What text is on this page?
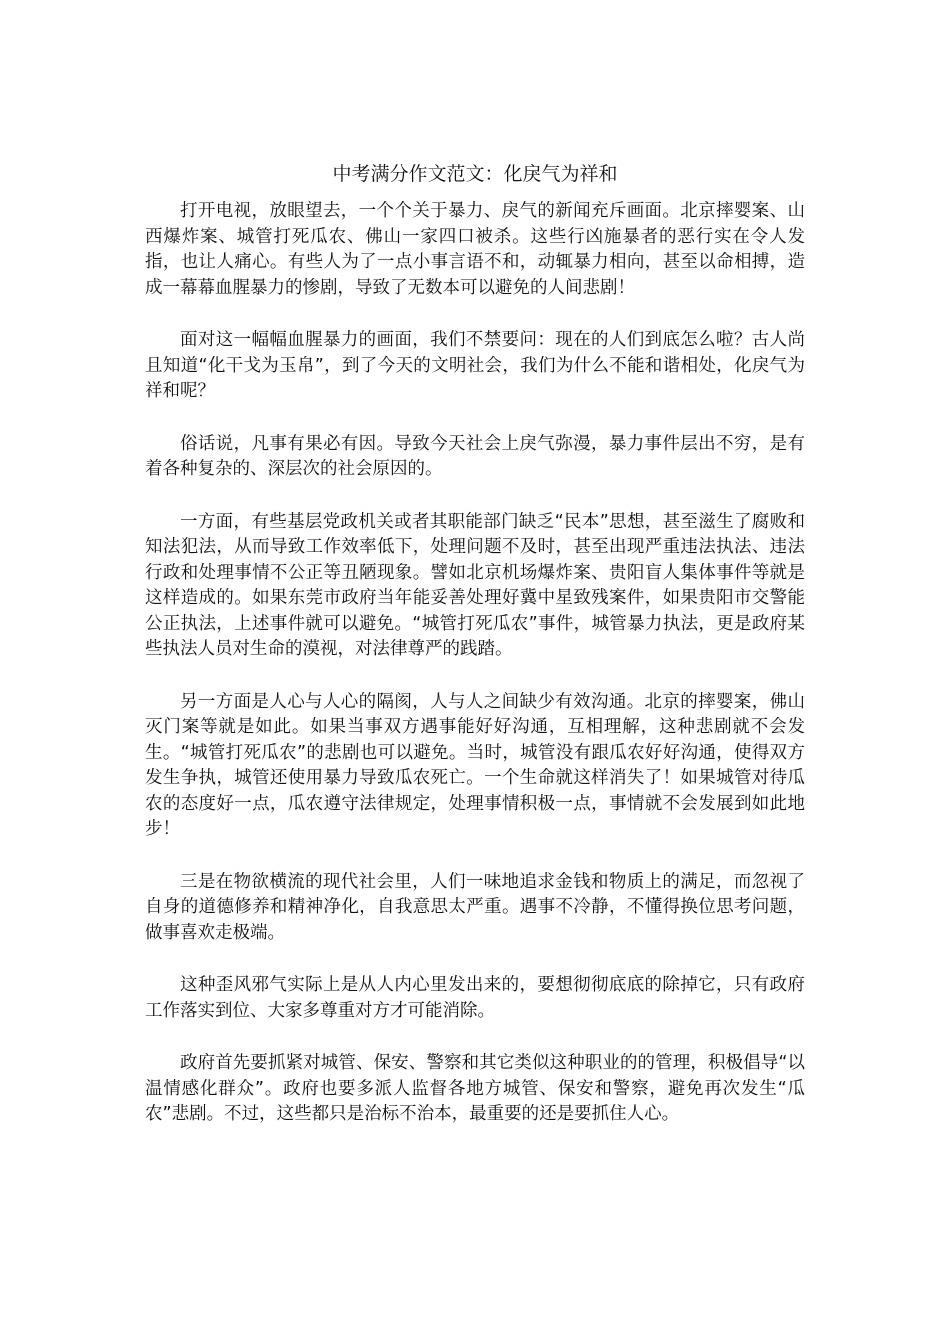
中考满分作文范文：化戾气为祥和

打开电视，放眼望去，一个个关于暴力、戾气的新闻充斥画面。北京摔婴案、山西爆炸案、城管打死瓜农、佛山一家四口被杀。这些行凶施暴者的恶行实在令人发指，也让人痛心。有些人为了一点小事言语不和，动辄暴力相向，甚至以命相搏，造成一幕幕血腥暴力的惨剧，导致了无数本可以避免的人间悲剧！

面对这一幅幅血腥暴力的画面，我们不禁要问：现在的人们到底怎么啦？古人尚且知道“化干戈为玉帛”，到了今天的文明社会，我们为什么不能和谐相处，化戾气为祥和呢？

俗话说，凡事有果必有因。导致今天社会上戾气弥漫，暴力事件层出不穷，是有着各种复杂的、深层次的社会原因的。

一方面，有些基层党政机关或者其职能部门缺乏“民本”思想，甚至滋生了腐败和知法犯法，从而导致工作效率低下，处理问题不及时，甚至出现严重违法执法、违法行政和处理事情不公正等丑陋现象。譬如北京机场爆炸案、贵阳盲人集体事件等就是这样造成的。如果东莞市政府当年能妥善处理好冀中星致残案件，如果贵阳市交警能公正执法，上述事件就可以避免。“城管打死瓜农”事件，城管暴力执法，更是政府某些执法人员对生命的漠视，对法律尊严的践踏。

另一方面是人心与人心的隔阂，人与人之间缺少有效沟通。北京的摔婴案，佛山灭门案等就是如此。如果当事双方遇事能好好沟通，互相理解，这种悲剧就不会发生。“城管打死瓜农”的悲剧也可以避免。当时，城管没有跟瓜农好好沟通，使得双方发生争执，城管还使用暴力导致瓜农死亡。一个生命就这样消失了！如果城管对待瓜农的态度好一点，瓜农遵守法律规定，处理事情积极一点，事情就不会发展到如此地步！

三是在物欲横流的现代社会里，人们一味地追求金钱和物质上的满足，而忽视了自身的道德修养和精神净化，自我意思太严重。遇事不冷静，不懂得换位思考问题，做事喜欢走极端。

这种歪风邪气实际上是从人内心里发出来的，要想彻彻底底的除掉它，只有政府工作落实到位、大家多尊重对方才可能消除。

政府首先要抓紧对城管、保安、警察和其它类似这种职业的的管理，积极倡导“以温情感化群众”。政府也要多派人监督各地方城管、保安和警察，避免再次发生“瓜农”悲剧。不过，这些都只是治标不治本，最重要的还是要抓住人心。
